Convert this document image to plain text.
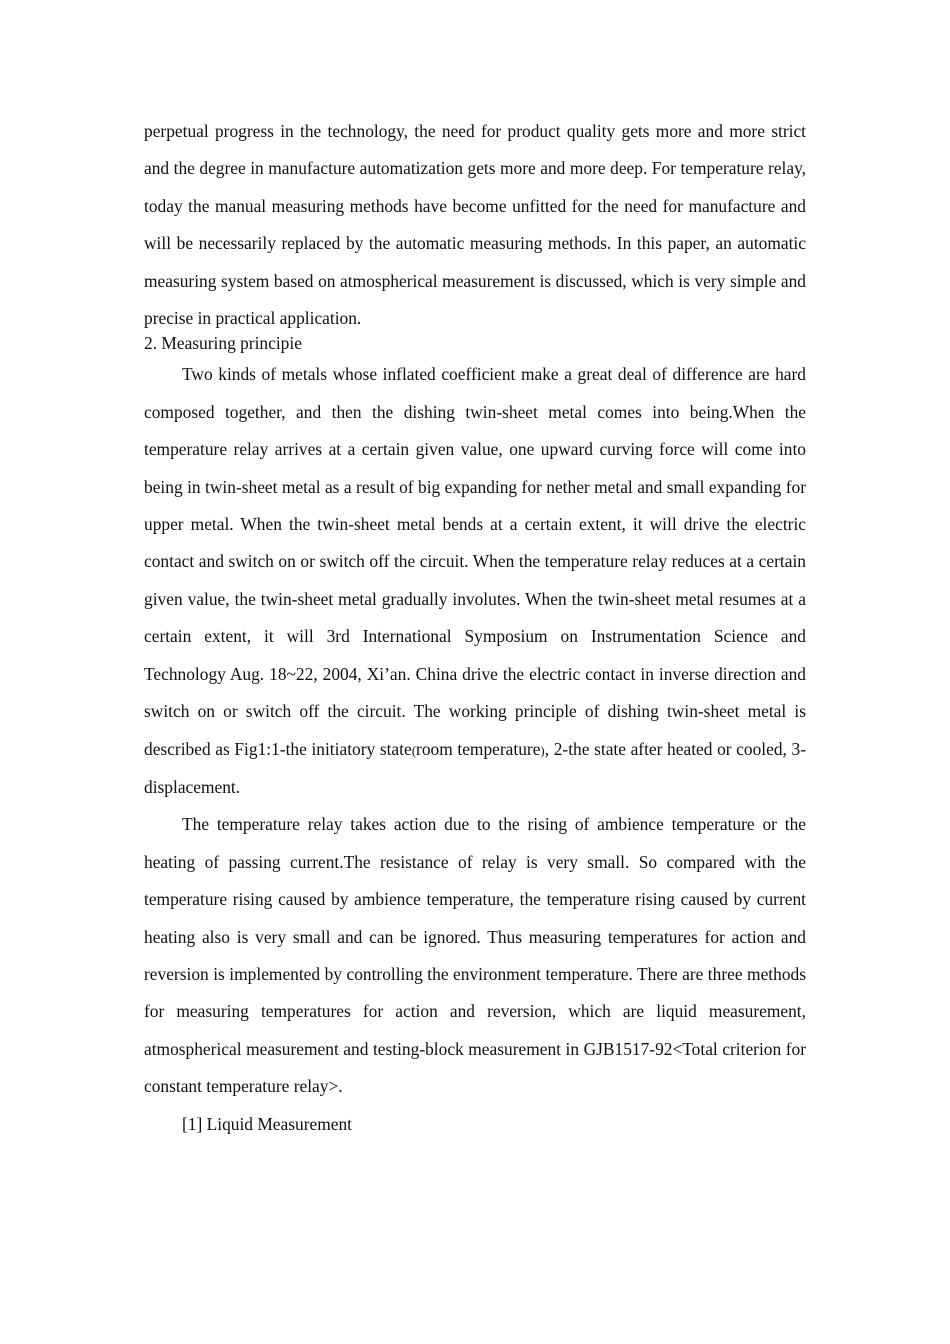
perpetual progress in the technology, the need for product quality gets more and more strict and the degree in manufacture automatization gets more and more deep. For temperature relay, today the manual measuring methods have become unfitted for the need for manufacture and will be necessarily replaced by the automatic measuring methods. In this paper, an automatic measuring system based on atmospherical measurement is discussed, which is very simple and precise in practical application.

2. Measuring principie

Two kinds of metals whose inflated coefficient make a great deal of difference are hard composed together, and then the dishing twin-sheet metal comes into being.When the temperature relay arrives at a certain given value, one upward curving force will come into being in twin-sheet metal as a result of big expanding for nether metal and small expanding for upper metal. When the twin-sheet metal bends at a certain extent, it will drive the electric contact and switch on or switch off the circuit. When the temperature relay reduces at a certain given value, the twin-sheet metal gradually involutes. When the twin-sheet metal resumes at a certain extent, it will 3rd International Symposium on Instrumentation Science and Technology Aug. 18~22, 2004, Xi’an. China drive the electric contact in inverse direction and switch on or switch off the circuit. The working principle of dishing twin-sheet metal is described as Fig1:1-the initiatory state(room temperature), 2-the state after heated or cooled, 3-displacement.

The temperature relay takes action due to the rising of ambience temperature or the heating of passing current.The resistance of relay is very small. So compared with the temperature rising caused by ambience temperature, the temperature rising caused by current heating also is very small and can be ignored. Thus measuring temperatures for action and reversion is implemented by controlling the environment temperature. There are three methods for measuring temperatures for action and reversion, which are liquid measurement, atmospherical measurement and testing-block measurement in GJB1517-92<Total criterion for constant temperature relay>.

[1] Liquid Measurement
